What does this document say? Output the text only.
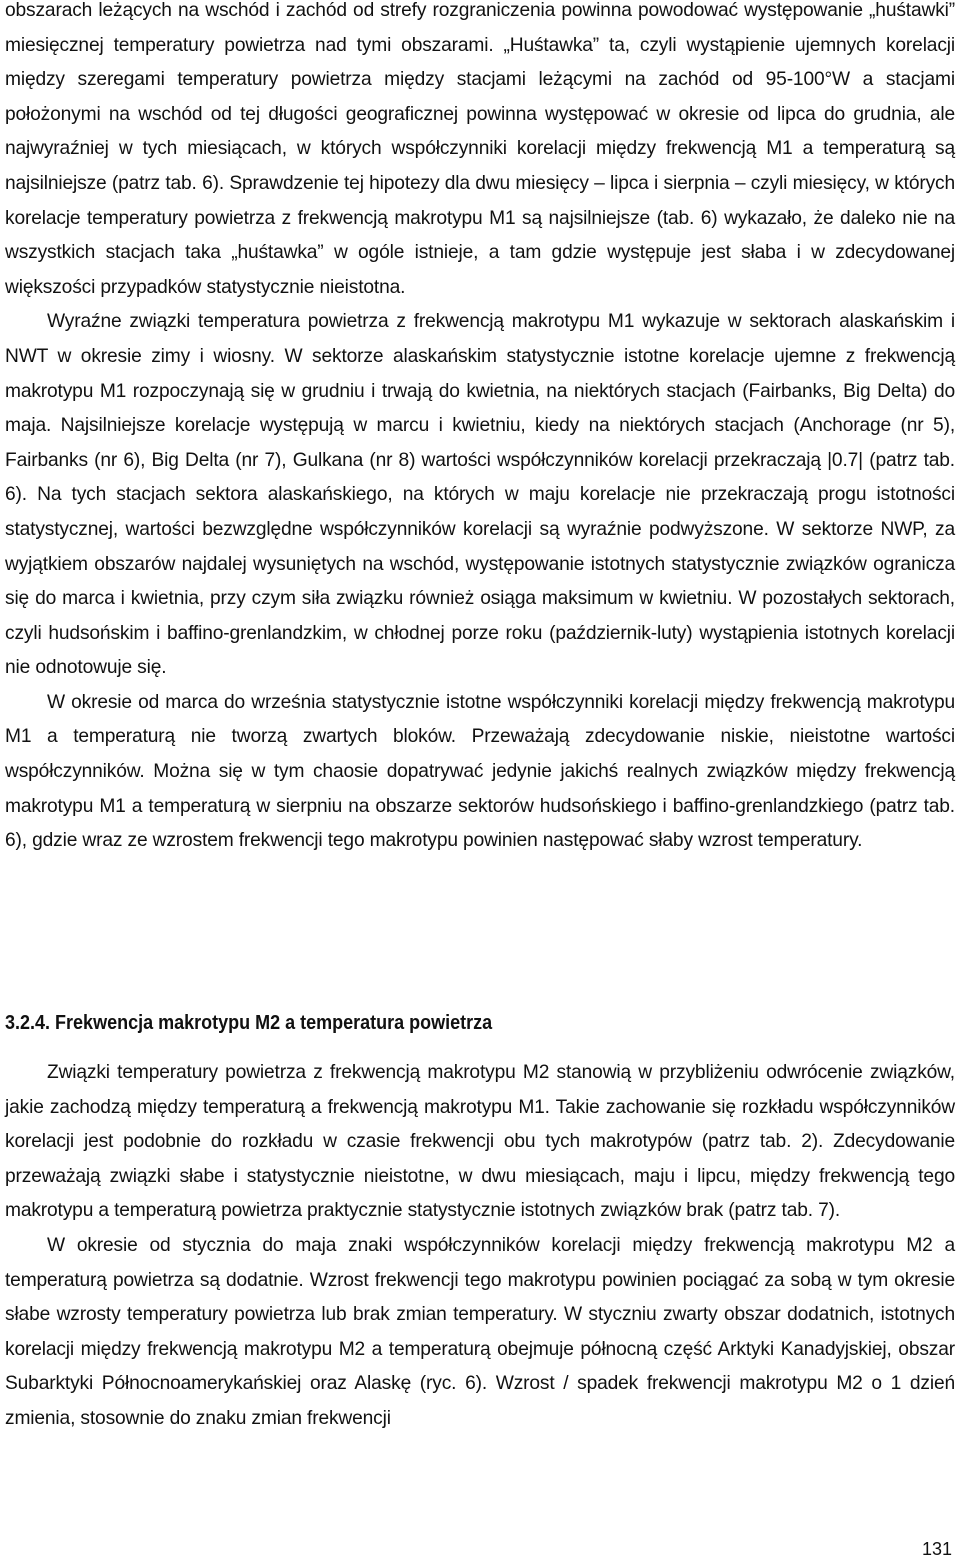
obszarach leżących na wschód i zachód od strefy rozgraniczenia powinna powodować występowanie „huśtawki” miesięcznej temperatury powietrza nad tymi obszarami. „Huśtawka” ta, czyli wystąpienie ujemnych korelacji między szeregami temperatury powietrza między stacjami leżącymi na zachód od 95-100°W a stacjami położonymi na wschód od tej długości geograficznej powinna występować w okresie od lipca do grudnia, ale najwyraźniej w tych miesiącach, w których współczynniki korelacji między frekwencją M1 a temperaturą są najsilniejsze (patrz tab. 6). Sprawdzenie tej hipotezy dla dwu miesięcy – lipca i sierpnia – czyli miesięcy, w których korelacje temperatury powietrza z frekwencją makrotypu M1 są najsilniejsze (tab. 6) wykazało, że daleko nie na wszystkich stacjach taka „huśtawka” w ogóle istnieje, a tam gdzie występuje jest słaba i w zdecydowanej większości przypadków statystycznie nieistotna.

Wyraźne związki temperatura powietrza z frekwencją makrotypu M1 wykazuje w sektorach alaskańskim i NWT w okresie zimy i wiosny. W sektorze alaskańskim statystycznie istotne korelacje ujemne z frekwencją makrotypu M1 rozpoczynają się w grudniu i trwają do kwietnia, na niektórych stacjach (Fairbanks, Big Delta) do maja. Najsilniejsze korelacje występują w marcu i kwietniu, kiedy na niektórych stacjach (Anchorage (nr 5), Fairbanks (nr 6), Big Delta (nr 7), Gulkana (nr 8) wartości współczynników korelacji przekraczają |0.7| (patrz tab. 6). Na tych stacjach sektora alaskańskiego, na których w maju korelacje nie przekraczają progu istotności statystycznej, wartości bezwzględne współczynników korelacji są wyraźnie podwyższone. W sektorze NWP, za wyjątkiem obszarów najdalej wysuniętych na wschód, występowanie istotnych statystycznie związków ogranicza się do marca i kwietnia, przy czym siła związku również osiąga maksimum w kwietniu. W pozostałych sektorach, czyli hudsońskim i baffino-grenlandzkim, w chłodnej porze roku (październik-luty) wystąpienia istotnych korelacji nie odnotowuje się.

W okresie od marca do września statystycznie istotne współczynniki korelacji między frekwencją makrotypu M1 a temperaturą nie tworzą zwartych bloków. Przeważają zdecydowanie niskie, nieistotne wartości współczynników. Można się w tym chaosie dopatrywać jedynie jakichś realnych związków między frekwencją makrotypu M1 a temperaturą w sierpniu na obszarze sektorów hudsońskiego i baffino-grenlandzkiego (patrz tab. 6), gdzie wraz ze wzrostem frekwencji tego makrotypu powinien następować słaby wzrost temperatury.

3.2.4. Frekwencja makrotypu M2 a temperatura powietrza

Związki temperatury powietrza z frekwencją makrotypu M2 stanowią w przybliżeniu odwrócenie związków, jakie zachodzą między temperaturą a frekwencją makrotypu M1. Takie zachowanie się rozkładu współczynników korelacji jest podobnie do rozkładu w czasie frekwencji obu tych makrotypów (patrz tab. 2). Zdecydowanie przeważają związki słabe i statystycznie nieistotne, w dwu miesiącach, maju i lipcu, między frekwencją tego makrotypu a temperaturą powietrza praktycznie statystycznie istotnych związków brak (patrz tab. 7).

W okresie od stycznia do maja znaki współczynników korelacji między frekwencją makrotypu M2 a temperaturą powietrza są dodatnie. Wzrost frekwencji tego makrotypu powinien pociągać za sobą w tym okresie słabe wzrosty temperatury powietrza lub brak zmian temperatury. W styczniu zwarty obszar dodatnich, istotnych korelacji między frekwencją makrotypu M2 a temperaturą obejmuje północną część Arktyki Kanadyjskiej, obszar Subarktyki Północnoamerykańskiej oraz Alaskę (ryc. 6). Wzrost / spadek frekwencji makrotypu M2 o 1 dzień zmienia, stosownie do znaku zmian frekwencji

131
